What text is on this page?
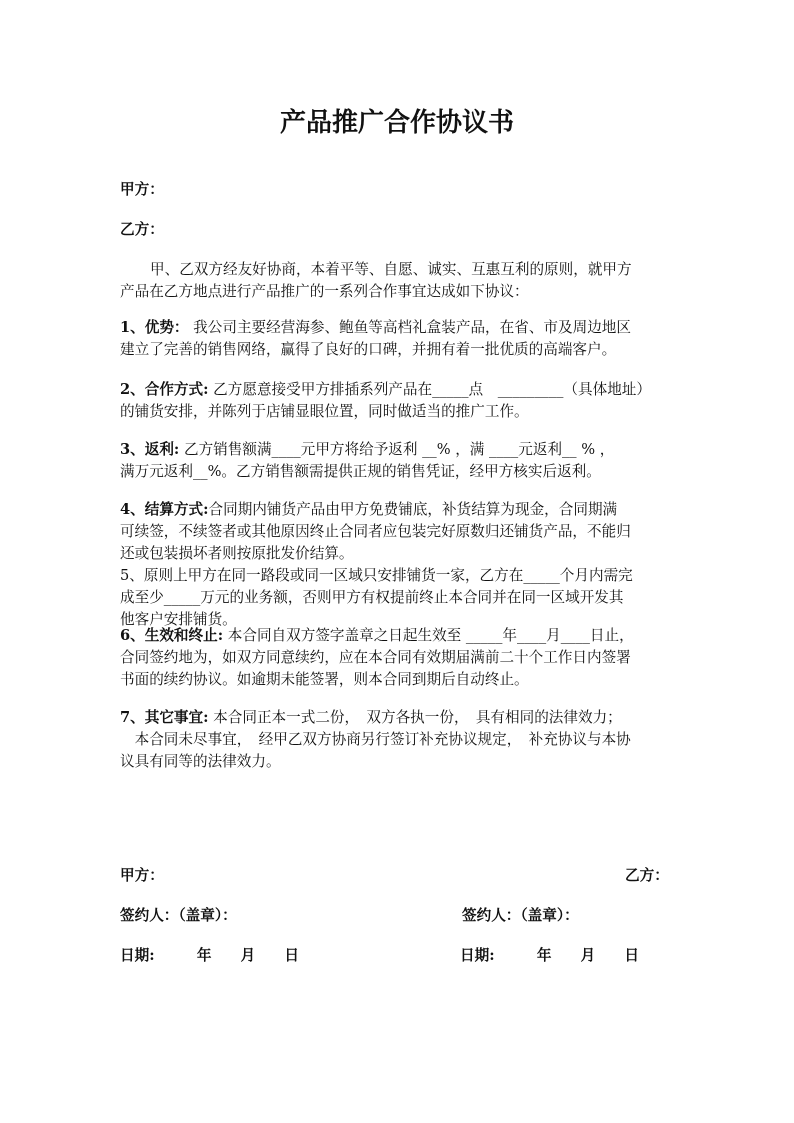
产品推广合作协议书
甲方：
乙方：
甲、乙双方经友好协商，本着平等、自愿、诚实、互惠互利的原则，就甲方
产品在乙方地点进行产品推广的一系列合作事宜达成如下协议：
1、优势： 我公司主要经营海参、鲍鱼等高档礼盒装产品，在省、市及周边地区
建立了完善的销售网络，赢得了良好的口碑，并拥有着一批优质的高端客户。
2、合作方式: 乙方愿意接受甲方排插系列产品在_____点　_________（具体地址）
的铺货安排，并陈列于店铺显眼位置，同时做适当的推广工作。
3、返利: 乙方销售额满____元甲方将给予返利 __% ，满 ____元返利__ % ，
满万元返利__%。乙方销售额需提供正规的销售凭证，经甲方核实后返利。
4、结算方式:合同期内铺货产品由甲方免费铺底，补货结算为现金，合同期满
可续签，不续签者或其他原因终止合同者应包装完好原数归还铺货产品，不能归
还或包装损坏者则按原批发价结算。
5、原则上甲方在同一路段或同一区域只安排铺货一家，乙方在_____个月内需完
成至少_____万元的业务额，否则甲方有权提前终止本合同并在同一区域开发其
他客户安排铺货。
6、生效和终止: 本合同自双方签字盖章之日起生效至 _____年____月____日止，
合同签约地为，如双方同意续约，应在本合同有效期届满前二十个工作日内签署
书面的续约协议。如逾期未能签署，则本合同到期后自动终止。
7、其它事宜: 本合同正本一式二份，　双方各执一份，　具有相同的法律效力；
　本合同未尽事宜，　经甲乙双方协商另行签订补充协议规定，　补充协议与本协
议具有同等的法律效力。
甲方：	乙方：
签约人：（盖章）：	签约人：（盖章）：
日期:　　 年　　月　　日	日期:　　 年　　月　　日
